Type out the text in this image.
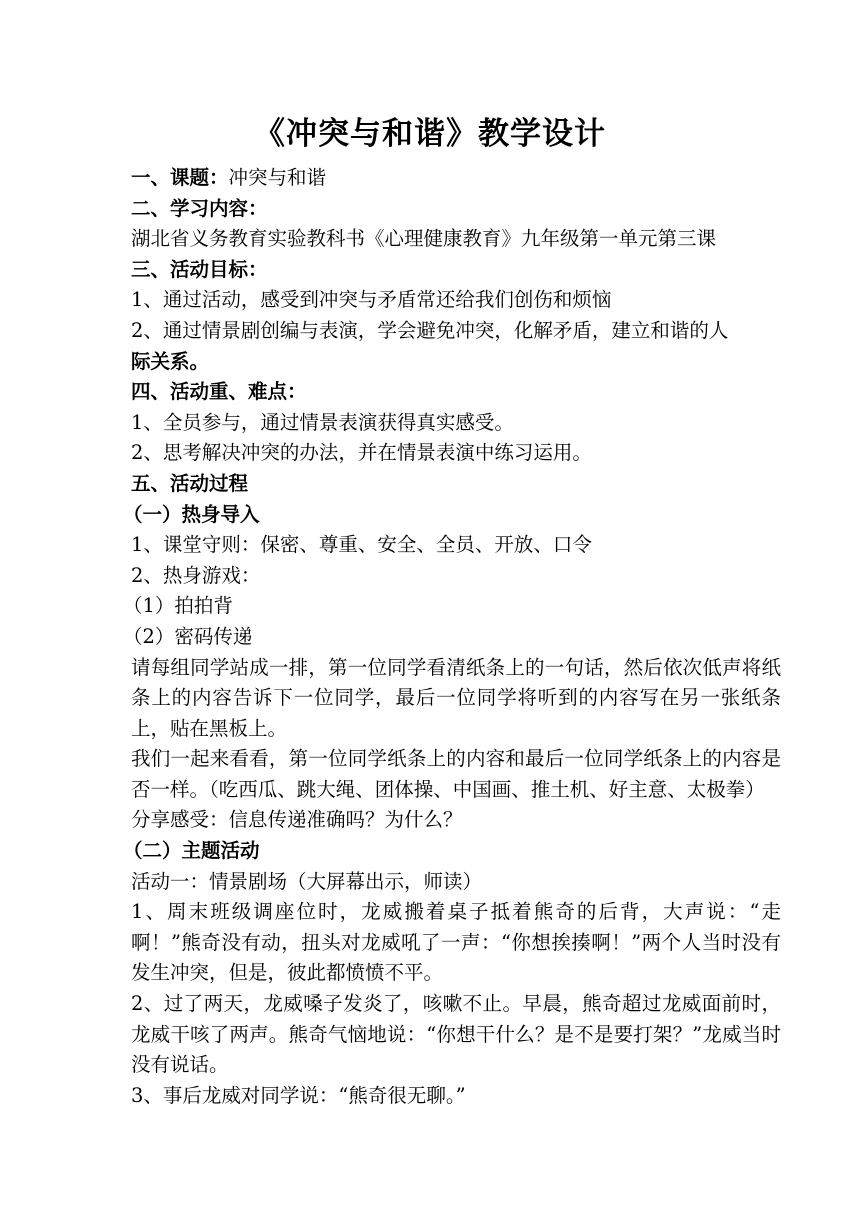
《冲突与和谐》教学设计

一、课题：冲突与和谐

二、学习内容：

湖北省义务教育实验教科书《心理健康教育》九年级第一单元第三课

三、活动目标：

1、通过活动，感受到冲突与矛盾常还给我们创伤和烦恼

2、通过情景剧创编与表演，学会避免冲突，化解矛盾，建立和谐的人

际关系。

四、活动重、难点：

1、全员参与，通过情景表演获得真实感受。

2、思考解决冲突的办法，并在情景表演中练习运用。

五、活动过程

（一）热身导入

1、课堂守则：保密、尊重、安全、全员、开放、口令

2、热身游戏：

（1）拍拍背

（2）密码传递

请每组同学站成一排，第一位同学看清纸条上的一句话，然后依次低声将纸条上的内容告诉下一位同学，最后一位同学将听到的内容写在另一张纸条上，贴在黑板上。

我们一起来看看，第一位同学纸条上的内容和最后一位同学纸条上的内容是否一样。（吃西瓜、跳大绳、团体操、中国画、推土机、好主意、太极拳）

分享感受：信息传递准确吗？为什么？

（二）主题活动

活动一：情景剧场（大屏幕出示，师读）

1、周末班级调座位时，龙威搬着桌子抵着熊奇的后背，大声说：“走啊！”熊奇没有动，扭头对龙威吼了一声：“你想挨揍啊！”两个人当时没有发生冲突，但是，彼此都愤愤不平。

2、过了两天，龙威嗓子发炎了，咳嗽不止。早晨，熊奇超过龙威面前时，龙威干咳了两声。熊奇气恼地说：“你想干什么？是不是要打架？”龙威当时没有说话。

3、事后龙威对同学说：“熊奇很无聊。”
